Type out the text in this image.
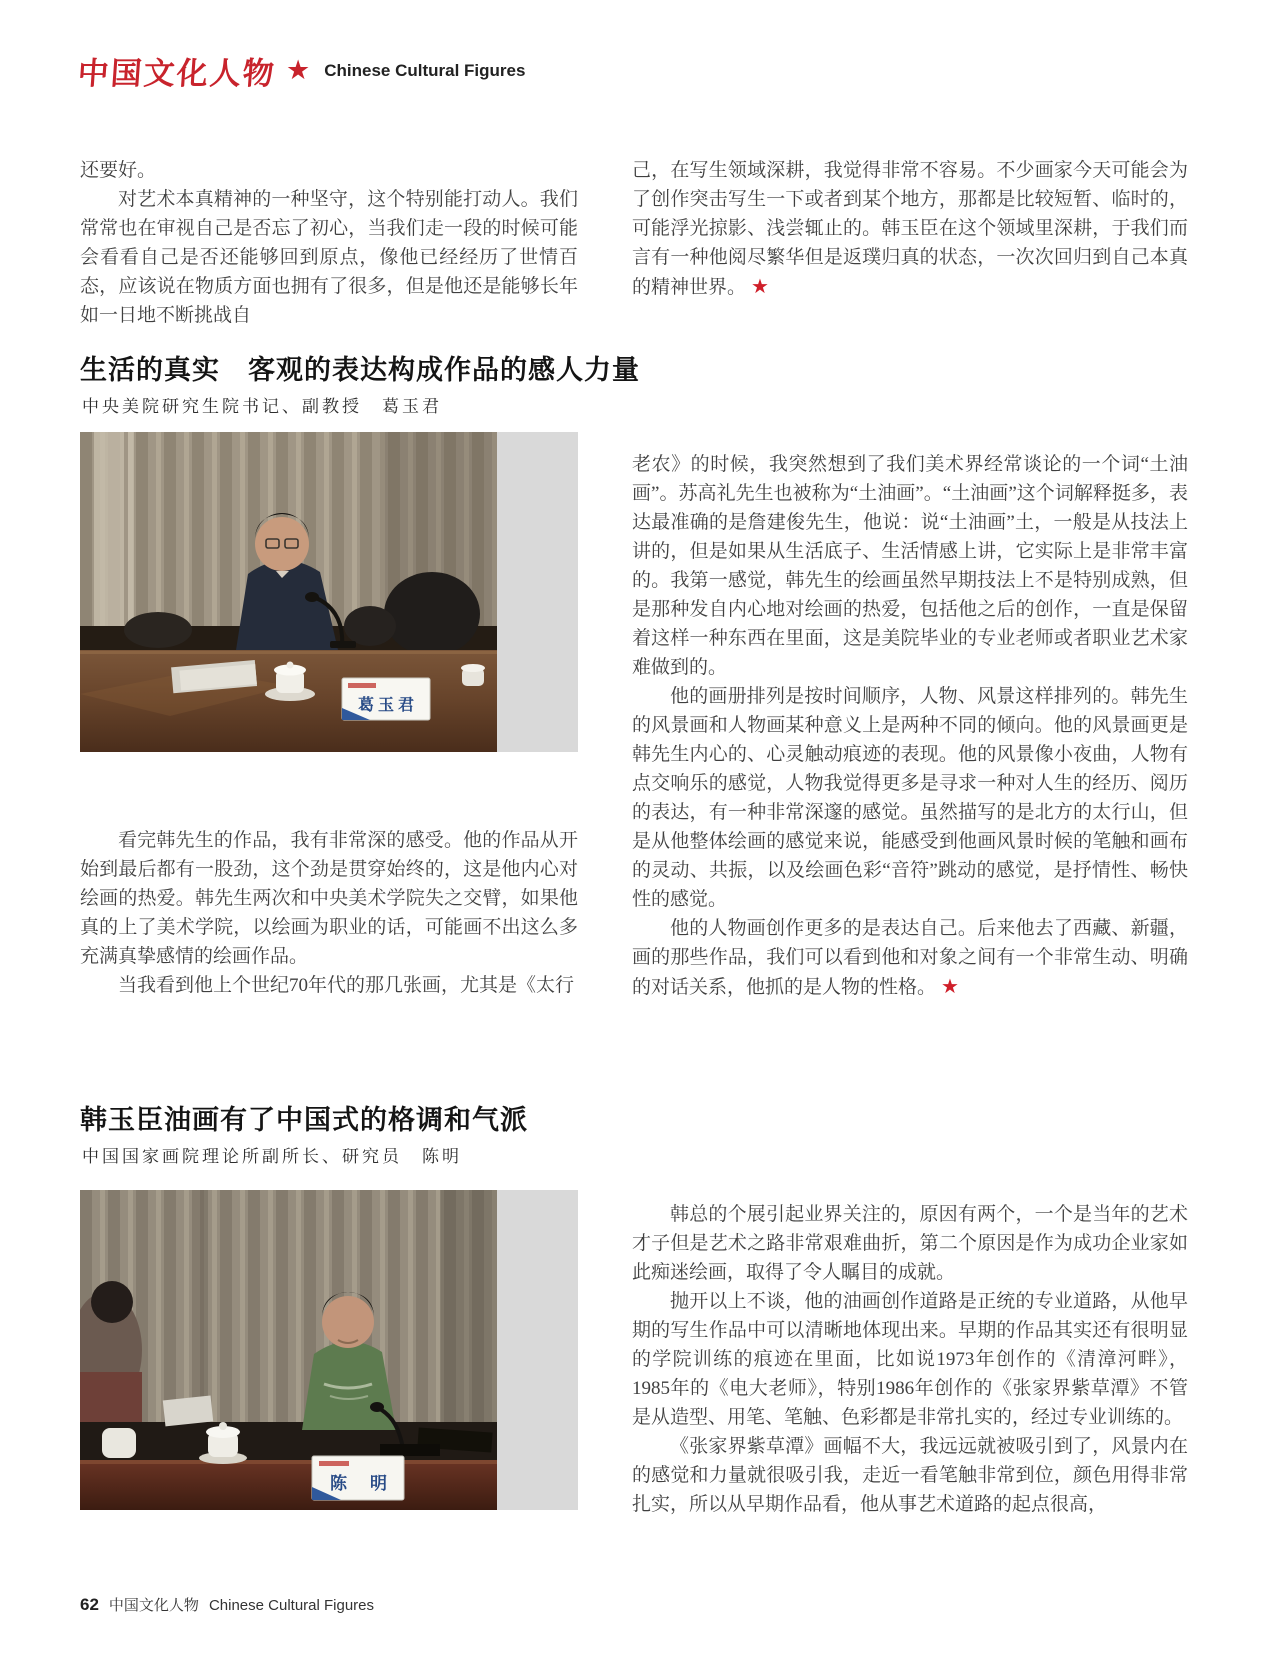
中国文化人物 ★ Chinese Cultural Figures

还要好。

对艺术本真精神的一种坚守，这个特别能打动人。我们常常也在审视自己是否忘了初心，当我们走一段的时候可能会看看自己是否还能够回到原点，像他已经经历了世情百态，应该说在物质方面也拥有了很多，但是他还是能够长年如一日地不断挑战自

己，在写生领域深耕，我觉得非常不容易。不少画家今天可能会为了创作突击写生一下或者到某个地方，那都是比较短暂、临时的，可能浮光掠影、浅尝辄止的。韩玉臣在这个领域里深耕，于我们而言有一种他阅尽繁华但是返璞归真的状态，一次次回归到自己本真的精神世界。 ★

生活的真实　客观的表达构成作品的感人力量
中央美院研究生院书记、副教授　葛玉君
葛玉君

看完韩先生的作品，我有非常深的感受。他的作品从开始到最后都有一股劲，这个劲是贯穿始终的，这是他内心对绘画的热爱。韩先生两次和中央美术学院失之交臂，如果他真的上了美术学院，以绘画为职业的话，可能画不出这么多充满真挚感情的绘画作品。

当我看到他上个世纪70年代的那几张画，尤其是《太行

老农》的时候，我突然想到了我们美术界经常谈论的一个词“土油画”。苏高礼先生也被称为“土油画”。“土油画”这个词解释挺多，表达最准确的是詹建俊先生，他说：说“土油画”土，一般是从技法上讲的，但是如果从生活底子、生活情感上讲，它实际上是非常丰富的。我第一感觉，韩先生的绘画虽然早期技法上不是特别成熟，但是那种发自内心地对绘画的热爱，包括他之后的创作，一直是保留着这样一种东西在里面，这是美院毕业的专业老师或者职业艺术家难做到的。

他的画册排列是按时间顺序，人物、风景这样排列的。韩先生的风景画和人物画某种意义上是两种不同的倾向。他的风景画更是韩先生内心的、心灵触动痕迹的表现。他的风景像小夜曲，人物有点交响乐的感觉，人物我觉得更多是寻求一种对人生的经历、阅历的表达，有一种非常深邃的感觉。虽然描写的是北方的太行山，但是从他整体绘画的感觉来说，能感受到他画风景时候的笔触和画布的灵动、共振，以及绘画色彩“音符”跳动的感觉，是抒情性、畅快性的感觉。

他的人物画创作更多的是表达自己。后来他去了西藏、新疆，画的那些作品，我们可以看到他和对象之间有一个非常生动、明确的对话关系，他抓的是人物的性格。 ★

韩玉臣油画有了中国式的格调和气派
中国国家画院理论所副所长、研究员　陈明
陈　明

韩总的个展引起业界关注的，原因有两个，一个是当年的艺术才子但是艺术之路非常艰难曲折，第二个原因是作为成功企业家如此痴迷绘画，取得了令人瞩目的成就。

抛开以上不谈，他的油画创作道路是正统的专业道路，从他早期的写生作品中可以清晰地体现出来。早期的作品其实还有很明显的学院训练的痕迹在里面，比如说1973年创作的《清漳河畔》，1985年的《电大老师》，特别1986年创作的《张家界紫草潭》不管是从造型、用笔、笔触、色彩都是非常扎实的，经过专业训练的。

《张家界紫草潭》画幅不大，我远远就被吸引到了，风景内在的感觉和力量就很吸引我，走近一看笔触非常到位，颜色用得非常扎实，所以从早期作品看，他从事艺术道路的起点很高，

62 中国文化人物 Chinese Cultural Figures
